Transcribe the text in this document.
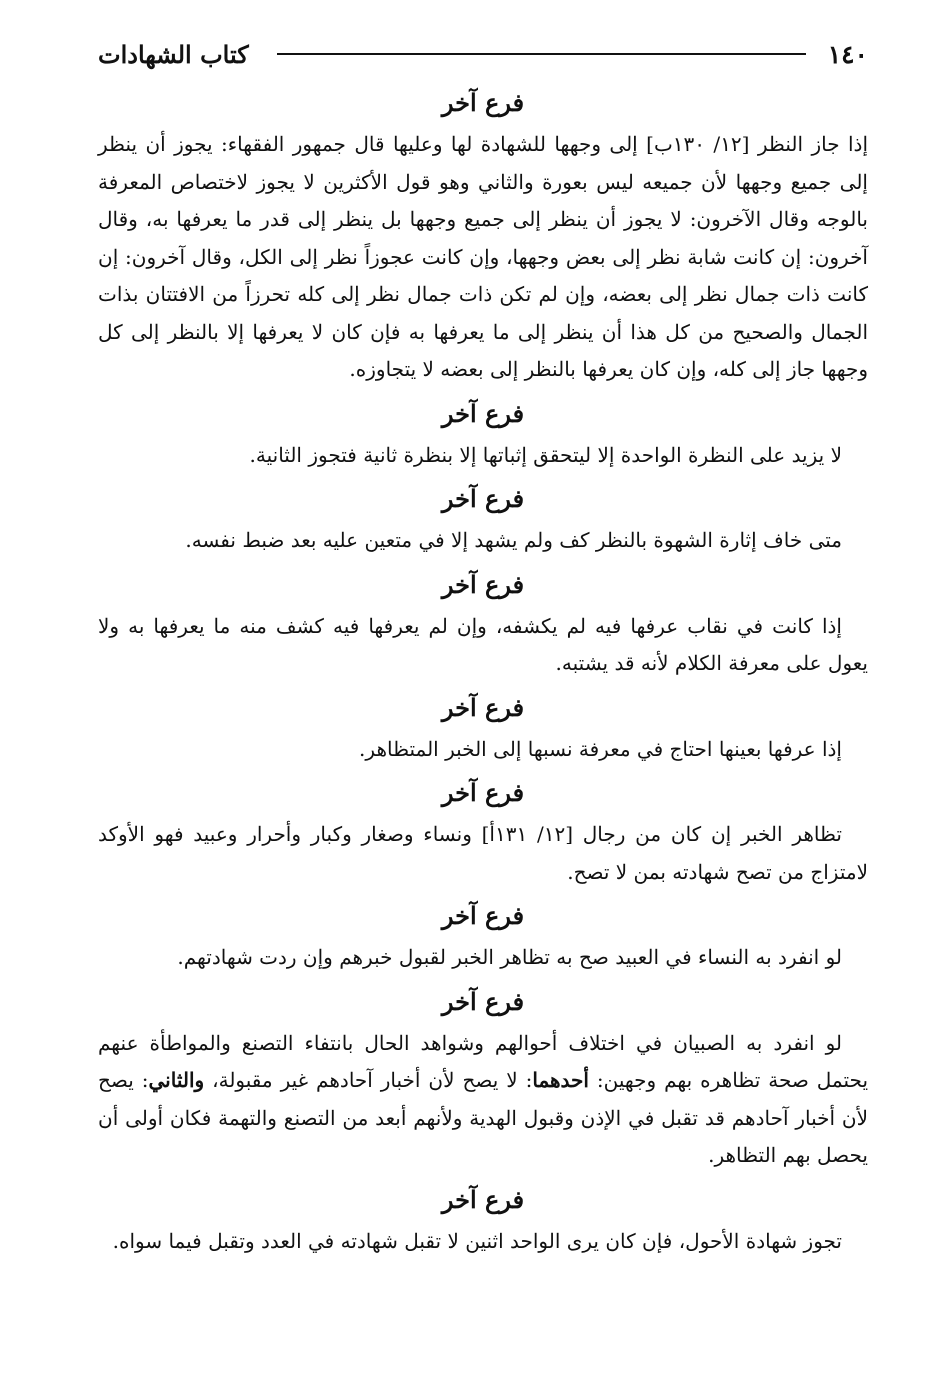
١٤٠
كتاب الشهادات
فرع آخر

إذا جاز النظر [١٢/ ١٣٠ب] إلى وجهها للشهادة لها وعليها قال جمهور الفقهاء: يجوز أن ينظر إلى جميع وجهها لأن جميعه ليس بعورة والثاني وهو قول الأكثرين لا يجوز لاختصاص المعرفة بالوجه وقال الآخرون: لا يجوز أن ينظر إلى جميع وجهها بل ينظر إلى قدر ما يعرفها به، وقال آخرون: إن كانت شابة نظر إلى بعض وجهها، وإن كانت عجوزاً نظر إلى الكل، وقال آخرون: إن كانت ذات جمال نظر إلى بعضه، وإن لم تكن ذات جمال نظر إلى كله تحرزاً من الافتتان بذات الجمال والصحيح من كل هذا أن ينظر إلى ما يعرفها به فإن كان لا يعرفها إلا بالنظر إلى كل وجهها جاز إلى كله، وإن كان يعرفها بالنظر إلى بعضه لا يتجاوزه.

فرع آخر

لا يزيد على النظرة الواحدة إلا ليتحقق إثباتها إلا بنظرة ثانية فتجوز الثانية.

فرع آخر

متى خاف إثارة الشهوة بالنظر كف ولم يشهد إلا في متعين عليه بعد ضبط نفسه.

فرع آخر

إذا كانت في نقاب عرفها فيه لم يكشفه، وإن لم يعرفها فيه كشف منه ما يعرفها به ولا يعول على معرفة الكلام لأنه قد يشتبه.

فرع آخر

إذا عرفها بعينها احتاج في معرفة نسبها إلى الخبر المتظاهر.

فرع آخر

تظاهر الخبر إن كان من رجال [١٢/ ١٣١أ] ونساء وصغار وكبار وأحرار وعبيد فهو الأوكد لامتزاج من تصح شهادته بمن لا تصح.

فرع آخر

لو انفرد به النساء في العبيد صح به تظاهر الخبر لقبول خبرهم وإن ردت شهادتهم.

فرع آخر

لو انفرد به الصبيان في اختلاف أحوالهم وشواهد الحال بانتفاء التصنع والمواطأة عنهم يحتمل صحة تظاهره بهم وجهين: أحدهما: لا يصح لأن أخبار آحادهم غير مقبولة، والثاني: يصح لأن أخبار آحادهم قد تقبل في الإذن وقبول الهدية ولأنهم أبعد من التصنع والتهمة فكان أولى أن يحصل بهم التظاهر.

فرع آخر

تجوز شهادة الأحول، فإن كان يرى الواحد اثنين لا تقبل شهادته في العدد وتقبل فيما سواه.
